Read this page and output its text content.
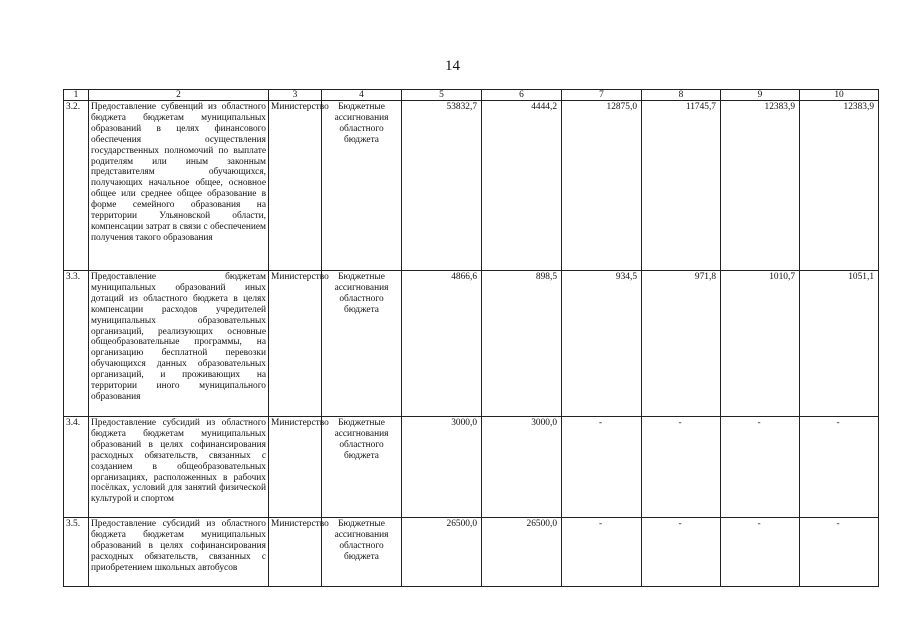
14
1	2	3	4	5	6	7	8	9	10
3.2.	Предоставление субвенций из областного бюджета бюджетам муниципальных образований в целях финансового обеспечения осуществления государственных полномочий по выплате родителям или иным законным представителям обучающихся, получающих начальное общее, основное общее или среднее общее образование в форме семейного образования на территории Ульяновской области, компенсации затрат в связи с обеспечением получения такого образования	Министерство	Бюджетные ассигнования областного бюджета	53832,7	4444,2	12875,0	11745,7	12383,9	12383,9
3.3.	Предоставление бюджетам муниципальных образований иных дотаций из областного бюджета в целях компенсации расходов учредителей муниципальных образовательных организаций, реализующих основные общеобразовательные программы, на организацию бесплатной перевозки обучающихся данных образовательных организаций, и проживающих на территории иного муниципального образования	Министерство	Бюджетные ассигнования областного бюджета	4866,6	898,5	934,5	971,8	1010,7	1051,1
3.4.	Предоставление субсидий из областного бюджета бюджетам муниципальных образований в целях софинансирования расходных обязательств, связанных с созданием в общеобразовательных организациях, расположенных в рабочих посёлках, условий для занятий физической культурой и спортом	Министерство	Бюджетные ассигнования областного бюджета	3000,0	3000,0	-	-	-	-
3.5.	Предоставление субсидий из областного бюджета бюджетам муниципальных образований в целях софинансирования расходных обязательств, связанных с приобретением школьных автобусов	Министерство	Бюджетные ассигнования областного бюджета	26500,0	26500,0	-	-	-	-
